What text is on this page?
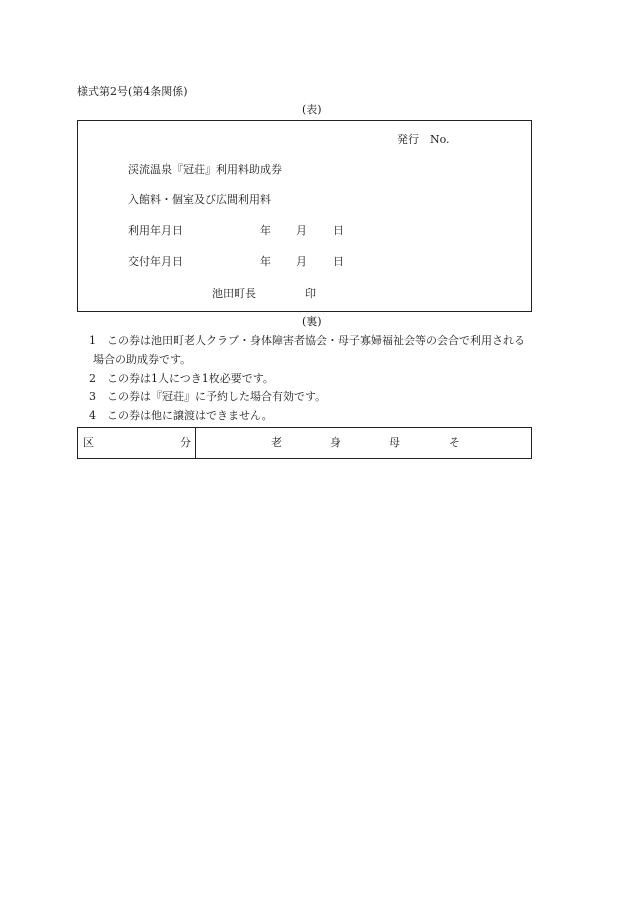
様式第2号(第4条関係)
(表)
発行　No.
渓流温泉『冠荘』利用料助成券
入館料・個室及び広間利用料
利用年月日	年 月 日
交付年月日	年 月 日
池田町長	印
(裏)
1 この券は池田町老人クラブ・身体障害者協会・母子寡婦福祉会等の会合で利用される
場合の助成券です。
2 この券は1人につき1枚必要です。
3 この券は『冠荘』に予約した場合有効です。
4 この券は他に譲渡はできません。
区	分	老	身	母	そ
